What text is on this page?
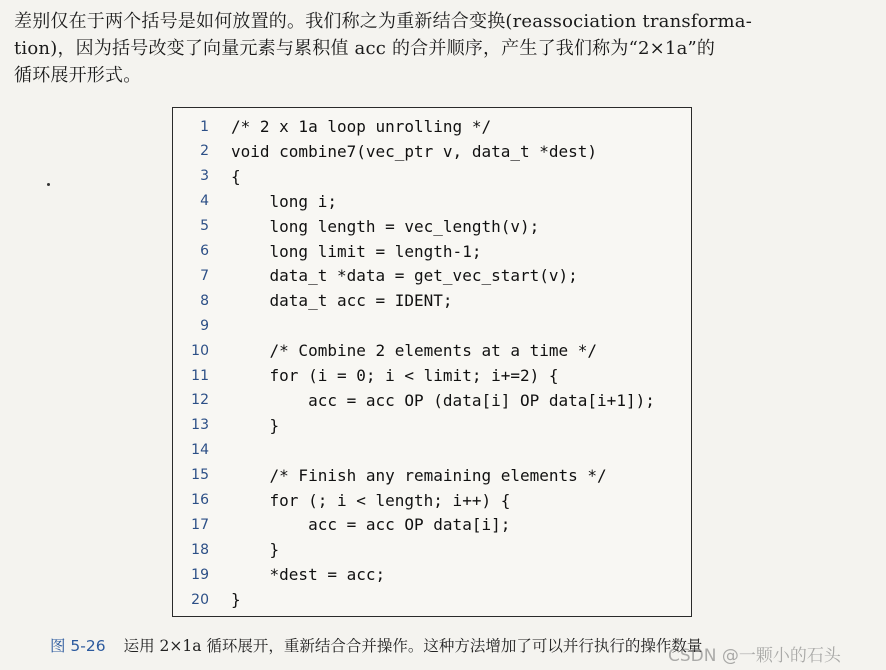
差别仅在于两个括号是如何放置的。我们称之为重新结合变换(reassociation transforma-
tion)，因为括号改变了向量元素与累积值 acc 的合并顺序，产生了我们称为“2×1a”的
循环展开形式。
1 /* 2 x 1a loop unrolling */
2 void combine7(vec_ptr v, data_t *dest)
3 {
4 long i;
5 long length = vec_length(v);
6 long limit = length-1;
7 data_t *data = get_vec_start(v);
8 data_t acc = IDENT;
9
10 /* Combine 2 elements at a time */
11 for (i = 0; i < limit; i+=2) {
12 acc = acc OP (data[i] OP data[i+1]);
13 }
14
15 /* Finish any remaining elements */
16 for (; i < length; i++) {
17 acc = acc OP data[i];
18 }
19 *dest = acc;
20 }
图 5-26 运用 2×1a 循环展开，重新结合合并操作。这种方法增加了可以并行执行的操作数量
CSDN @一颗小的石头
